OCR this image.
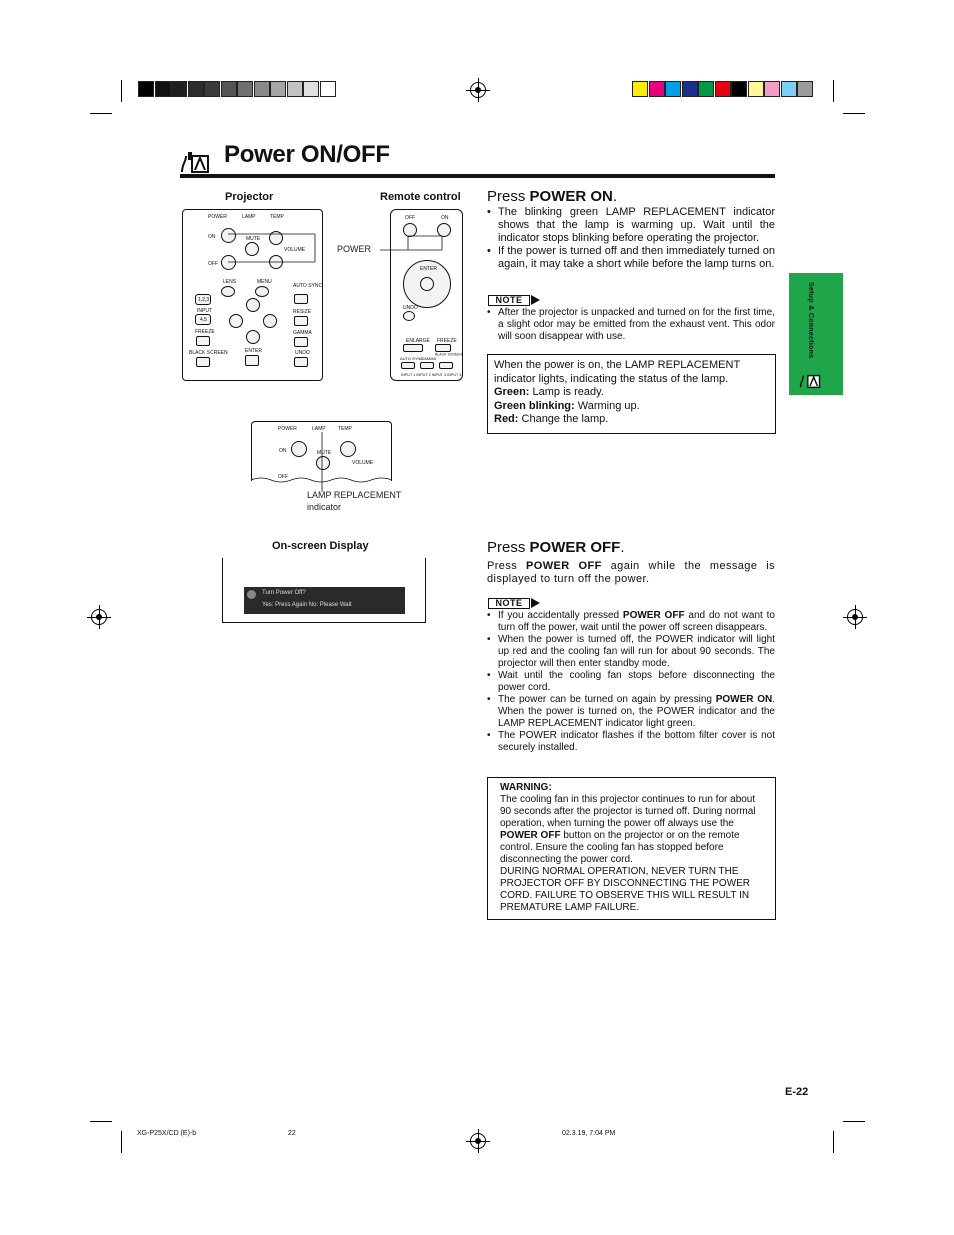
Power ON/OFF
Projector	Remote control
POWER	LAMP	TEMP
ON	MUTE
VOLUME
OFF
LENS	MENU
AUTO SYNC
1,2,3
INPUT
4,5
RESIZE
FREEZE	GAMMA
BLACK SCREEN	ENTER	UNDO
OFF	ON
ENTER
UNDO
ENLARGE FREEZE
AUTO SYNC
GAMMA
BLACK SCREEN
INPUT 1 INPUT 2 INPUT 3 INPUT 4
POWER
POWER	LAMP TEMP
ON	MUTE
VOLUME
OFF
LAMP REPLACEMENT
indicator
On-screen Display
Turn Power Off?
Yes: Press Again No: Please Wait
Press POWER ON.
• The blinking green LAMP REPLACEMENT indicator shows that the lamp is warming up. Wait until the indicator stops blinking before operating the projector.
• If the power is turned off and then immediately turned on again, it may take a short while before the lamp turns on.
NOTE
• After the projector is unpacked and turned on for the first time, a slight odor may be emitted from the exhaust vent. This odor will soon disappear with use.
When the power is on, the LAMP REPLACEMENT indicator lights, indicating the status of the lamp.
Green: Lamp is ready.
Green blinking: Warming up.
Red: Change the lamp.
Press POWER OFF.
Press POWER OFF again while the message is displayed to turn off the power.
NOTE
• If you accidentally pressed POWER OFF and do not want to turn off the power, wait until the power off screen disappears.
• When the power is turned off, the POWER indicator will light up red and the cooling fan will run for about 90 seconds. The projector will then enter standby mode.
• Wait until the cooling fan stops before disconnecting the power cord.
• The power can be turned on again by pressing POWER ON. When the power is turned on, the POWER indicator and the LAMP REPLACEMENT indicator light green.
• The POWER indicator flashes if the bottom filter cover is not securely installed.
WARNING:
The cooling fan in this projector continues to run for about 90 seconds after the projector is turned off. During normal operation, when turning the power off always use the POWER OFF button on the projector or on the remote control. Ensure the cooling fan has stopped before disconnecting the power cord.
DURING NORMAL OPERATION, NEVER TURN THE PROJECTOR OFF BY DISCONNECTING THE POWER CORD. FAILURE TO OBSERVE THIS WILL RESULT IN PREMATURE LAMP FAILURE.
Setup & Connections
E-22
XG-P25X/CD (E)-b	22	02.3.19, 7:04 PM
